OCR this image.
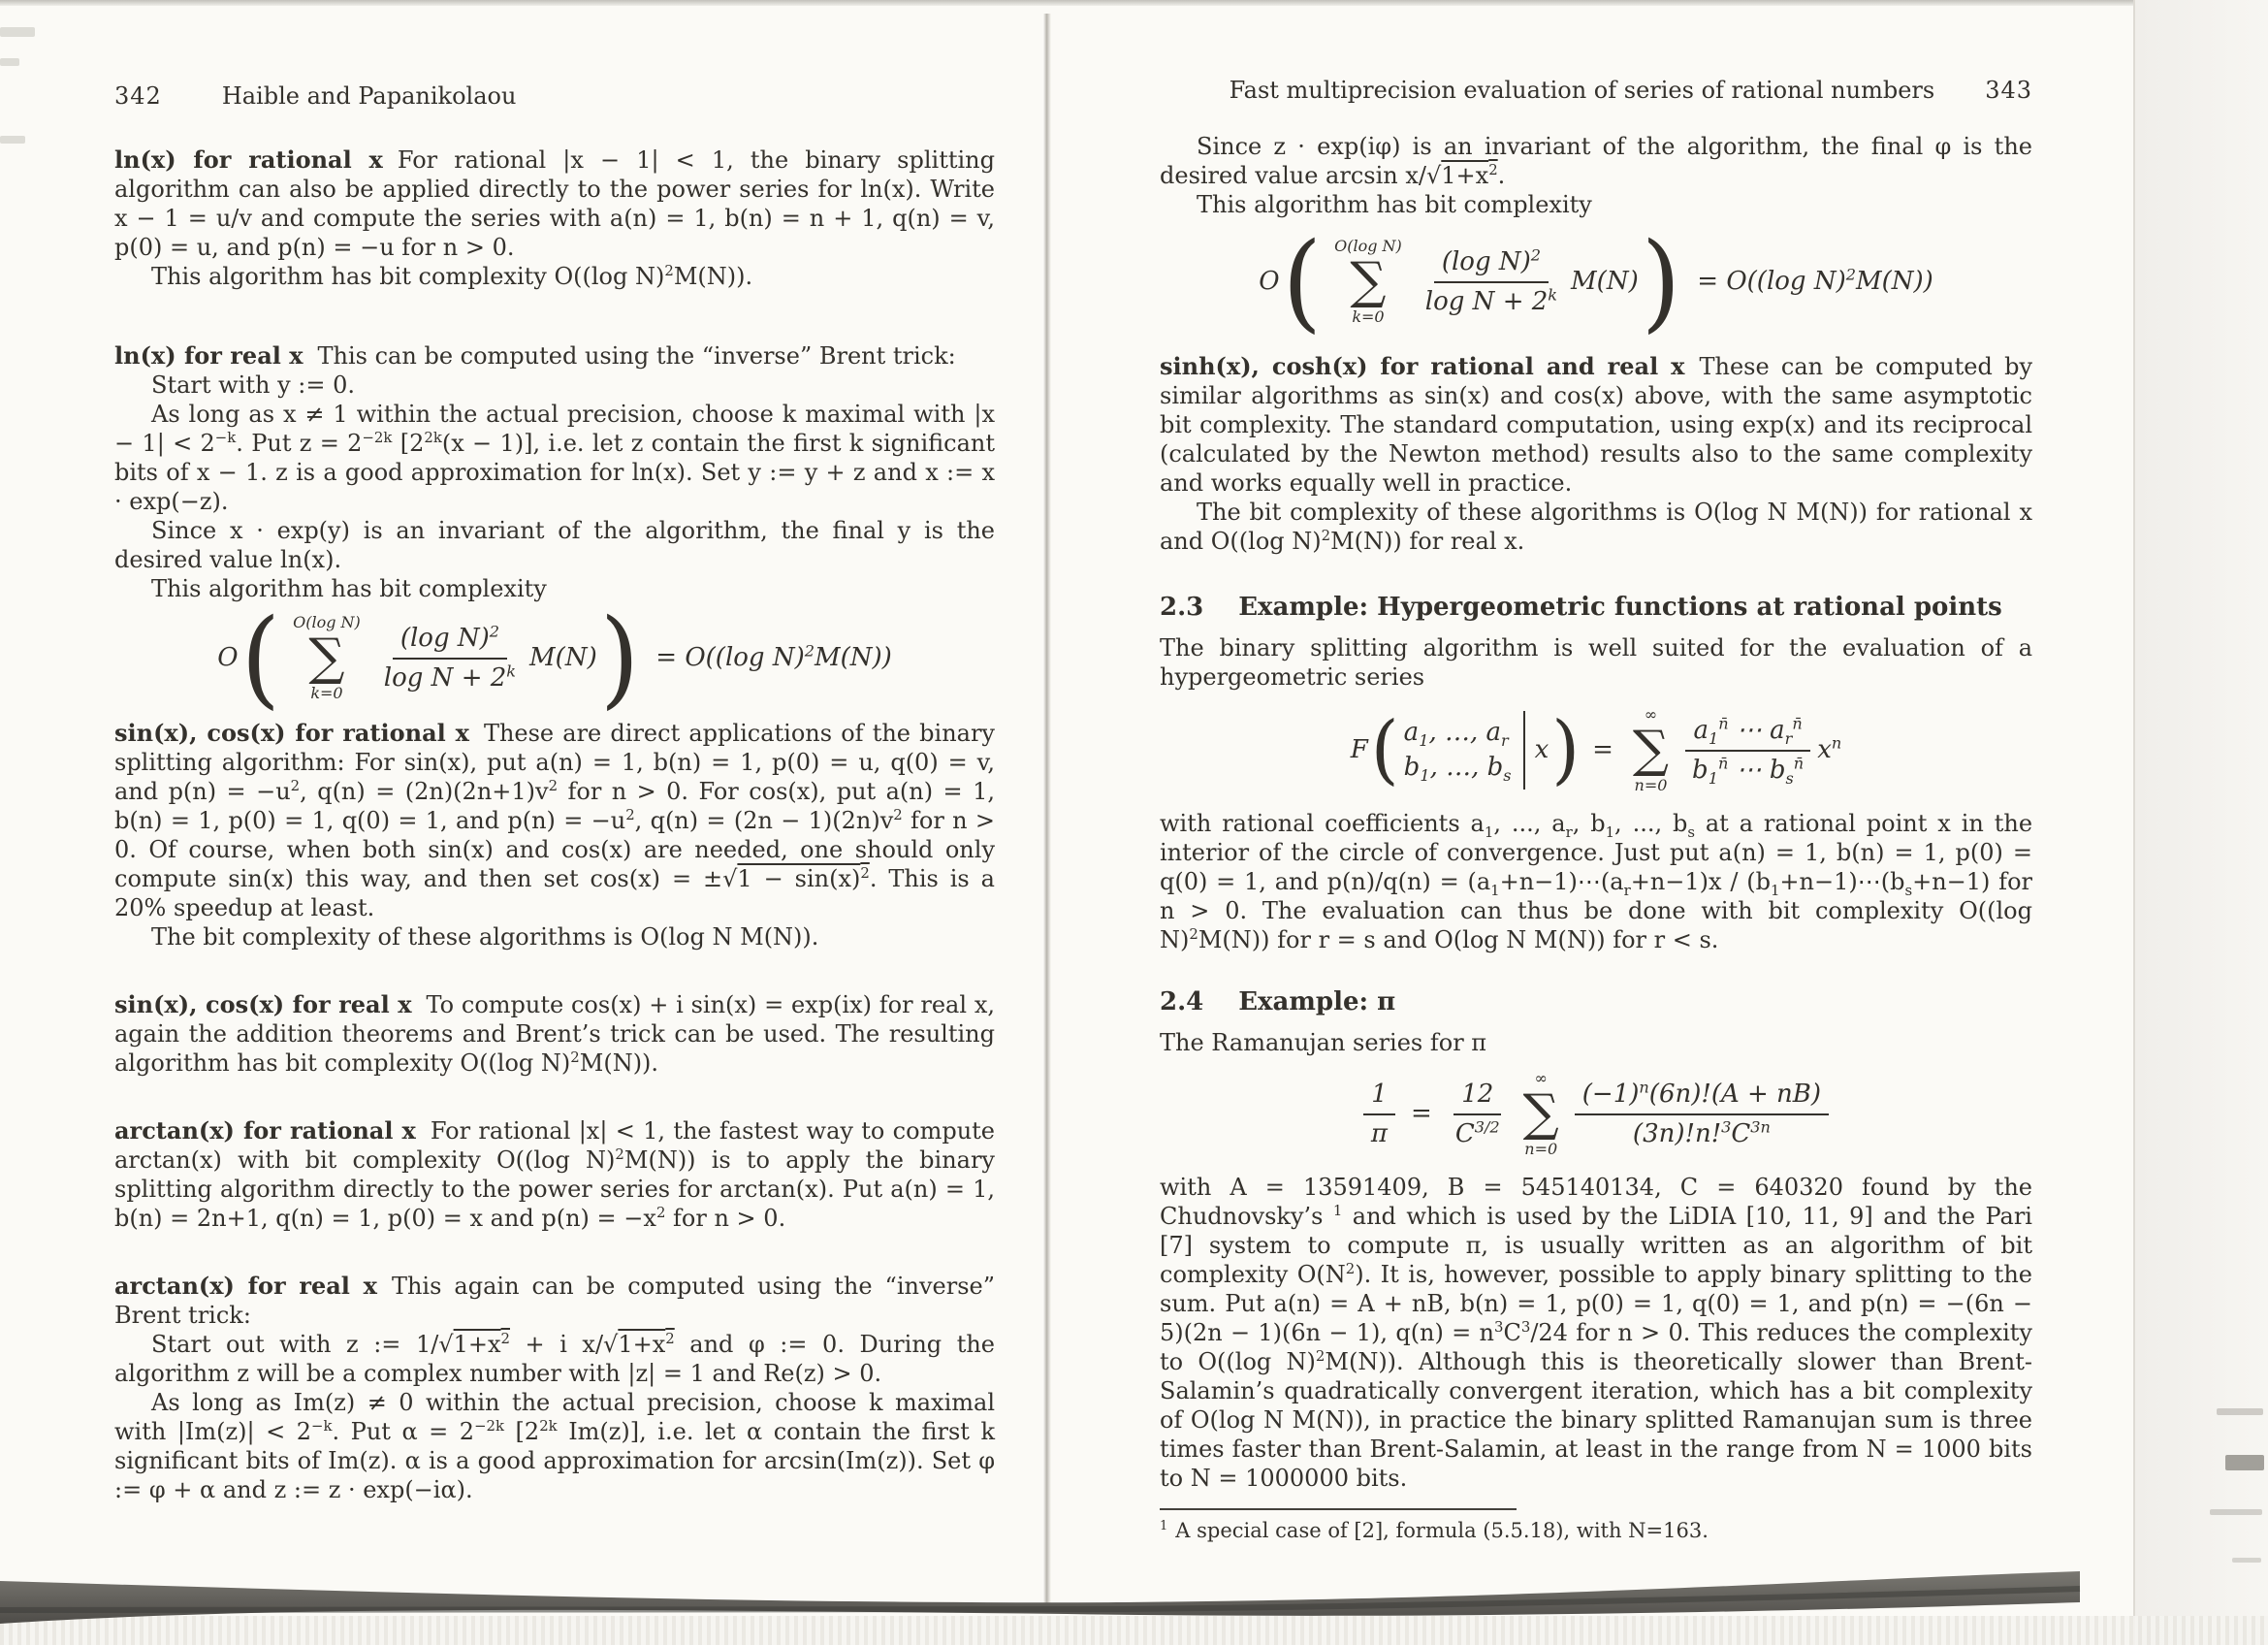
342	Haible and Papanikolaou

ln(x) for rational x For rational |x − 1| < 1, the binary splitting algorithm can also be applied directly to the power series for ln(x). Write x − 1 = u/v and compute the series with a(n) = 1, b(n) = n + 1, q(n) = v, p(0) = u, and p(n) = −u for n > 0.

This algorithm has bit complexity O((log N)$^2$M(N)).

ln(x) for real x This can be computed using the “inverse” Brent trick:

Start with y := 0.

As long as x ≠ 1 within the actual precision, choose k maximal with $|x - 1| < 2^{-k}$. Put $z = 2^{-2k}$ $[2^{2k}(x - 1)]$, i.e. let z contain the first k significant bits of x − 1. z is a good approximation for ln(x). Set y := y + z and x := x · exp(−z).

Since x · exp(y) is an invariant of the algorithm, the final y is the desired value ln(x).

This algorithm has bit complexity

O ( O(log N)
∑
$k=0 \frac{(\log N)^2}{\log N + 2^k} M(N)$ ) = O((log N)$^2$M(N))

sin(x), cos(x) for rational x These are direct applications of the binary splitting algorithm: For sin(x), put a(n) = 1, b(n) = 1, p(0) = u, q(0) = v, and $p(n) = -u^2$, $q(n) = (2n)(2n+1)v^2$ for n > 0. For cos(x), put a(n) = 1, b(n) = 1, p(0) = 1, q(0) = 1, and $p(n) = -u^2$, $q(n) = (2n - 1)(2n)v^2$ for n > 0. Of course, when both sin(x) and cos(x) are needed, one should only compute sin(x) this way, and then set $\cos(x) = \pm√1 - \sin(x)^2$. This is a 20% speedup at least.

The bit complexity of these algorithms is O(log N M(N)).

sin(x), cos(x) for real x To compute cos(x) + i sin(x) = exp(ix) for real x, again the addition theorems and Brent’s trick can be used. The resulting algorithm has bit complexity O((log N)$^2$M(N)).

arctan(x) for rational x For rational |x| < 1, the fastest way to compute arctan(x) with bit complexity O((log N)$^2$M(N)) is to apply the binary splitting algorithm directly to the power series for arctan(x). Put a(n) = 1, b(n) = 2n+1, q(n) = 1, p(0) = x and $p(n) = -x^2$ for n > 0.

arctan(x) for real x This again can be computed using the “inverse” Brent trick:

Start out with z := $1/√1+x^2 + i$ $x/√1+x^2$ and φ := 0. During the algorithm z will be a complex number with |z| = 1 and Re(z) > 0.

As long as Im(z) ≠ 0 within the actual precision, choose k maximal with $|Im(z)| < 2^{-k}$. Put $\alpha = 2^{-2k}$ [$2^{2k}$ Im(z)], i.e. let α contain the first k significant bits of Im(z). α is a good approximation for arcsin(Im(z)). Set φ := φ + α and z := z · exp(−iα).

Fast multiprecision evaluation of series of rational numbers 343

Since z · exp(iφ) is an invariant of the algorithm, the final φ is the desired value $\arcsin x/√1+x^2$.

This algorithm has bit complexity

O ( O(log N)
∑
$k=0 \frac{(\log N)^2}{\log N + 2^k} M(N)$ ) = O((log N)$^2$M(N))

sinh(x), cosh(x) for rational and real x These can be computed by similar algorithms as sin(x) and cos(x) above, with the same asymptotic bit complexity. The standard computation, using exp(x) and its reciprocal (calculated by the Newton method) results also to the same complexity and works equally well in practice.

The bit complexity of these algorithms is O(log N M(N)) for rational x and O((log N)$^2$M(N)) for real x.

2.3 Example: Hypergeometric functions at rational points

The binary splitting algorithm is well suited for the evaluation of a hypergeometric series

F ( $a_1$, …, $a_r$
$b_1$, …, $b_s$
x ) =
∞
∑
$n=0 \frac{a_1^{n̄} \cdots a_r^{n̄}}{b_1^{n̄} \cdots b_s^{n̄}} x^n$

with rational coefficients $a_1$, ..., $a_r$, $b_1$, ..., $b_s$ at a rational point x in the interior of the circle of convergence. Just put a(n) = 1, b(n) = 1, p(0) = q(0) = 1, and $p(n)/q(n) = (a_1+n-1)\cdots(a_r+n-1)x$ / $(b_1+n-1)\cdots(b_s+n-1)$ for n > 0. The evaluation can thus be done with bit complexity O((log N)$^2$M(N)) for r = s and O(log N M(N)) for r < s.

2.4 Example: π

The Ramanujan series for π

$\frac{1}{\pi} = \frac{12}{C^{3/2}}$
∞
∑
$n=0 \frac{(-1)^n(6n)!(A + nB)}{(3n)!n!^3C^{3n}}$

with A = 13591409, B = 545140134, C = 640320 found by the Chudnovsky’s $^1$ and which is used by the LiDIA [10, 11, 9] and the Pari [7] system to compute π, is usually written as an algorithm of bit complexity $O(N^2)$. It is, however, possible to apply binary splitting to the sum. Put a(n) = A + nB, b(n) = 1, p(0) = 1, q(0) = 1, and p(n) = −(6n − 5)(2n − 1)(6n − 1), $q(n) = n^3C^3/24$ for n > 0. This reduces the complexity to O((log N)$^2$M(N)). Although this is theoretically slower than Brent-Salamin’s quadratically convergent iteration, which has a bit complexity of O(log N M(N)), in practice the binary splitted Ramanujan sum is three times faster than Brent-Salamin, at least in the range from N = 1000 bits to N = 1000000 bits.

$^1$ A special case of [2], formula (5.5.18), with N=163.
